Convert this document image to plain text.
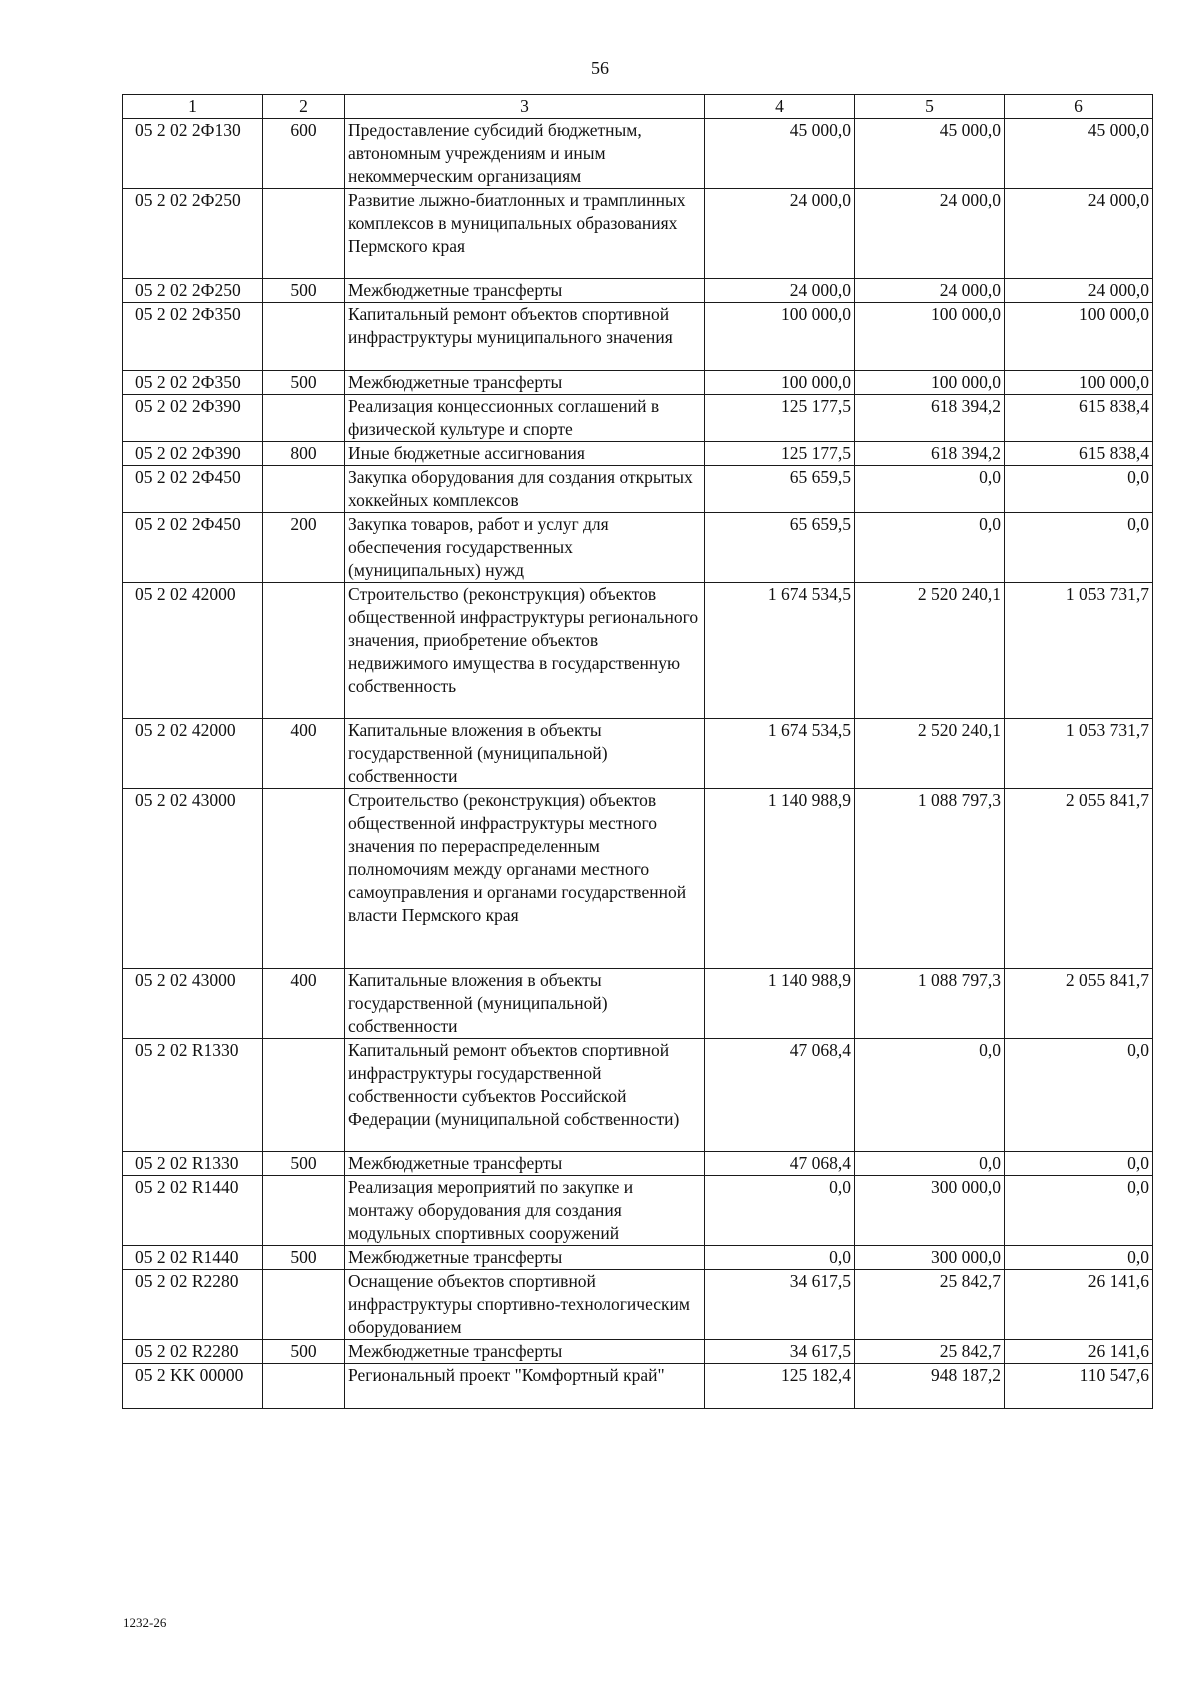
56
1	2	3	4	5	6
05 2 02 2Ф130	600	Предоставление субсидий бюджетным, автономным учреждениям и иным некоммерческим организациям	45 000,0	45 000,0	45 000,0
05 2 02 2Ф250		Развитие лыжно-биатлонных и трамплинных комплексов в муниципальных образованиях Пермского края	24 000,0	24 000,0	24 000,0
05 2 02 2Ф250	500	Межбюджетные трансферты	24 000,0	24 000,0	24 000,0
05 2 02 2Ф350		Капитальный ремонт объектов спортивной инфраструктуры муниципального значения	100 000,0	100 000,0	100 000,0
05 2 02 2Ф350	500	Межбюджетные трансферты	100 000,0	100 000,0	100 000,0
05 2 02 2Ф390		Реализация концессионных соглашений в физической культуре и спорте	125 177,5	618 394,2	615 838,4
05 2 02 2Ф390	800	Иные бюджетные ассигнования	125 177,5	618 394,2	615 838,4
05 2 02 2Ф450		Закупка оборудования для создания открытых хоккейных комплексов	65 659,5	0,0	0,0
05 2 02 2Ф450	200	Закупка товаров, работ и услуг для обеспечения государственных (муниципальных) нужд	65 659,5	0,0	0,0
05 2 02 42000		Строительство (реконструкция) объектов общественной инфраструктуры регионального значения, приобретение объектов недвижимого имущества в государственную собственность	1 674 534,5	2 520 240,1	1 053 731,7
05 2 02 42000	400	Капитальные вложения в объекты государственной (муниципальной) собственности	1 674 534,5	2 520 240,1	1 053 731,7
05 2 02 43000		Строительство (реконструкция) объектов общественной инфраструктуры местного значения по перераспределенным полномочиям между органами местного самоуправления и органами государственной власти Пермского края	1 140 988,9	1 088 797,3	2 055 841,7
05 2 02 43000	400	Капитальные вложения в объекты государственной (муниципальной) собственности	1 140 988,9	1 088 797,3	2 055 841,7
05 2 02 R1330		Капитальный ремонт объектов спортивной инфраструктуры государственной собственности субъектов Российской Федерации (муниципальной собственности)	47 068,4	0,0	0,0
05 2 02 R1330	500	Межбюджетные трансферты	47 068,4	0,0	0,0
05 2 02 R1440		Реализация мероприятий по закупке и монтажу оборудования для создания модульных спортивных сооружений	0,0	300 000,0	0,0
05 2 02 R1440	500	Межбюджетные трансферты	0,0	300 000,0	0,0
05 2 02 R2280		Оснащение объектов спортивной инфраструктуры спортивно-технологическим оборудованием	34 617,5	25 842,7	26 141,6
05 2 02 R2280	500	Межбюджетные трансферты	34 617,5	25 842,7	26 141,6
05 2 KK 00000		Региональный проект "Комфортный край"	125 182,4	948 187,2	110 547,6
1232-26
